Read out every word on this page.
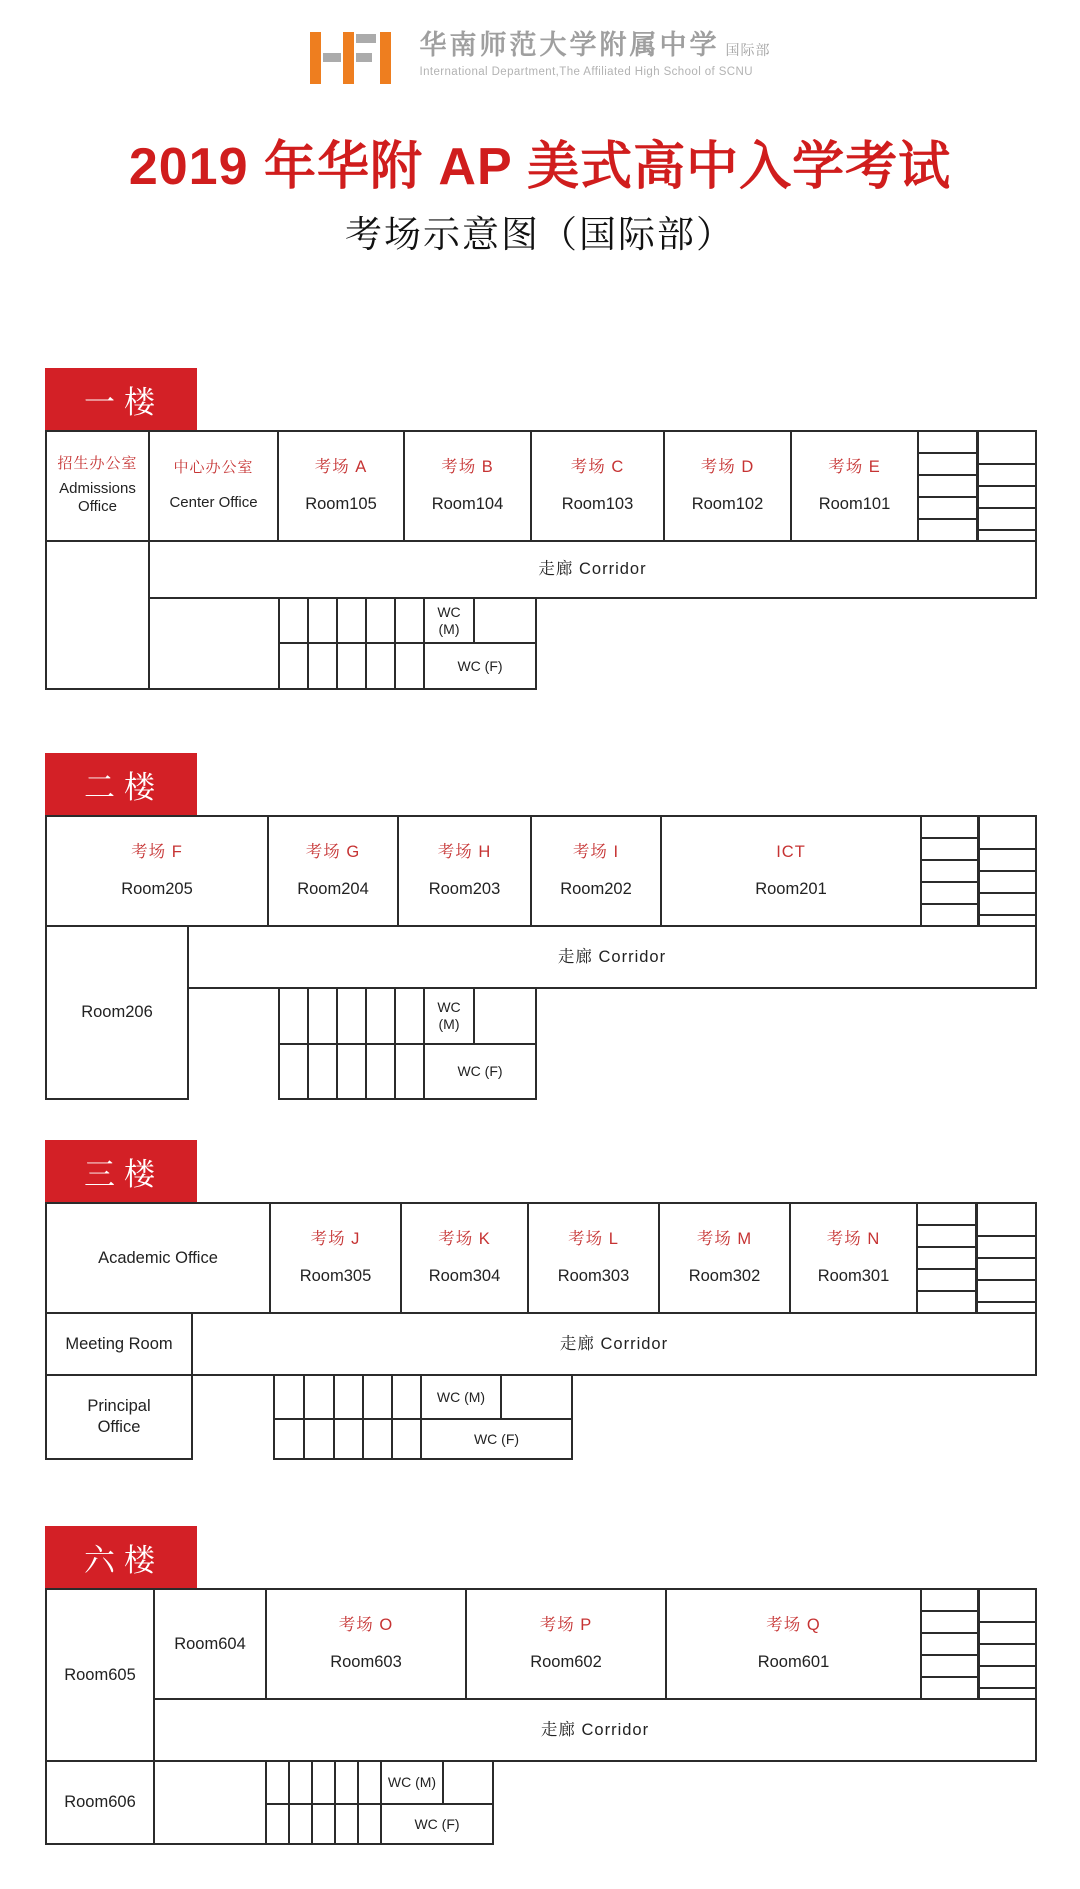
华南师范大学附属中学 国际部
International Department,The Affiliated High School of SCNU
2019 年华附 AP 美式高中入学考试
考场示意图（国际部）
一楼
招生办公室
Admissions Office
中心办公室
Center Office
考场 A
Room105
考场 B
Room104
考场 C
Room103
考场 D
Room102
考场 E
Room101
走廊 Corridor
WC (M)
WC (F)
二楼
考场 F
Room205
考场 G
Room204
考场 H
Room203
考场 I
Room202
ICT
Room201
Room206
走廊 Corridor
WC (M)
WC (F)
三楼
Academic Office
考场 J
Room305
考场 K
Room304
考场 L
Room303
考场 M
Room302
考场 N
Room301
Meeting Room	走廊 Corridor
Principal Office
WC (M)
WC (F)
六楼
Room605
Room604
考场 O
Room603
考场 P
Room602
考场 Q
Room601
走廊 Corridor
Room606
WC (M)
WC (F)
